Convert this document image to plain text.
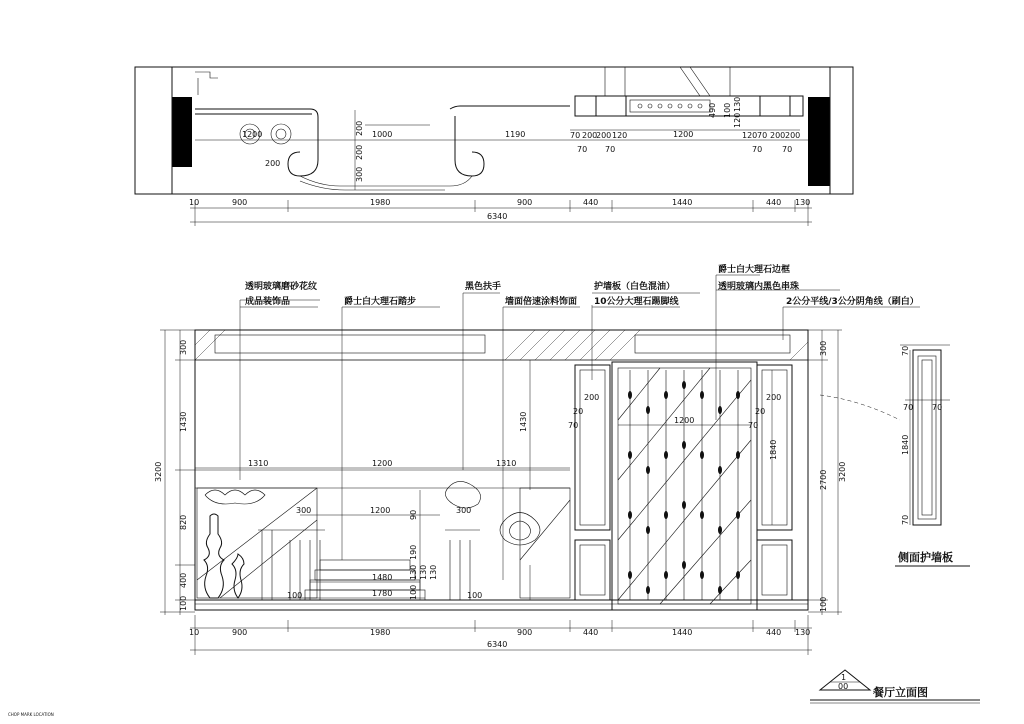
1200
200
1000	1190	1200
200
200
300
490 100 130
120
70 200
200 120
70 70
120 70 200 200
70 70
10	900	1980	900	440	1440	440 130
6340
透明玻璃磨砂花纹
成品装饰品	爵士白大理石踏步
黑色扶手
墙面倍速涂料饰面
护墙板（白色混油）
10公分大理石踢脚线
爵士白大理石边框
透明玻璃内黑色串珠
2公分平线/3公分阴角线（刷白）
300
1430
820
400
100
3200
300
2700
100
3200
1310	1200	1310
1200
300	300
1480
1780
100	100
1430	1200
1840
200	200
70	70
20	20
90
190
130 130 130
100
10	900	1980	900	440	1440	440 130
6340
70
1840
70 70
70
侧面护墙板
1
00 餐厅立面图
CHOP MARK LOCATION
